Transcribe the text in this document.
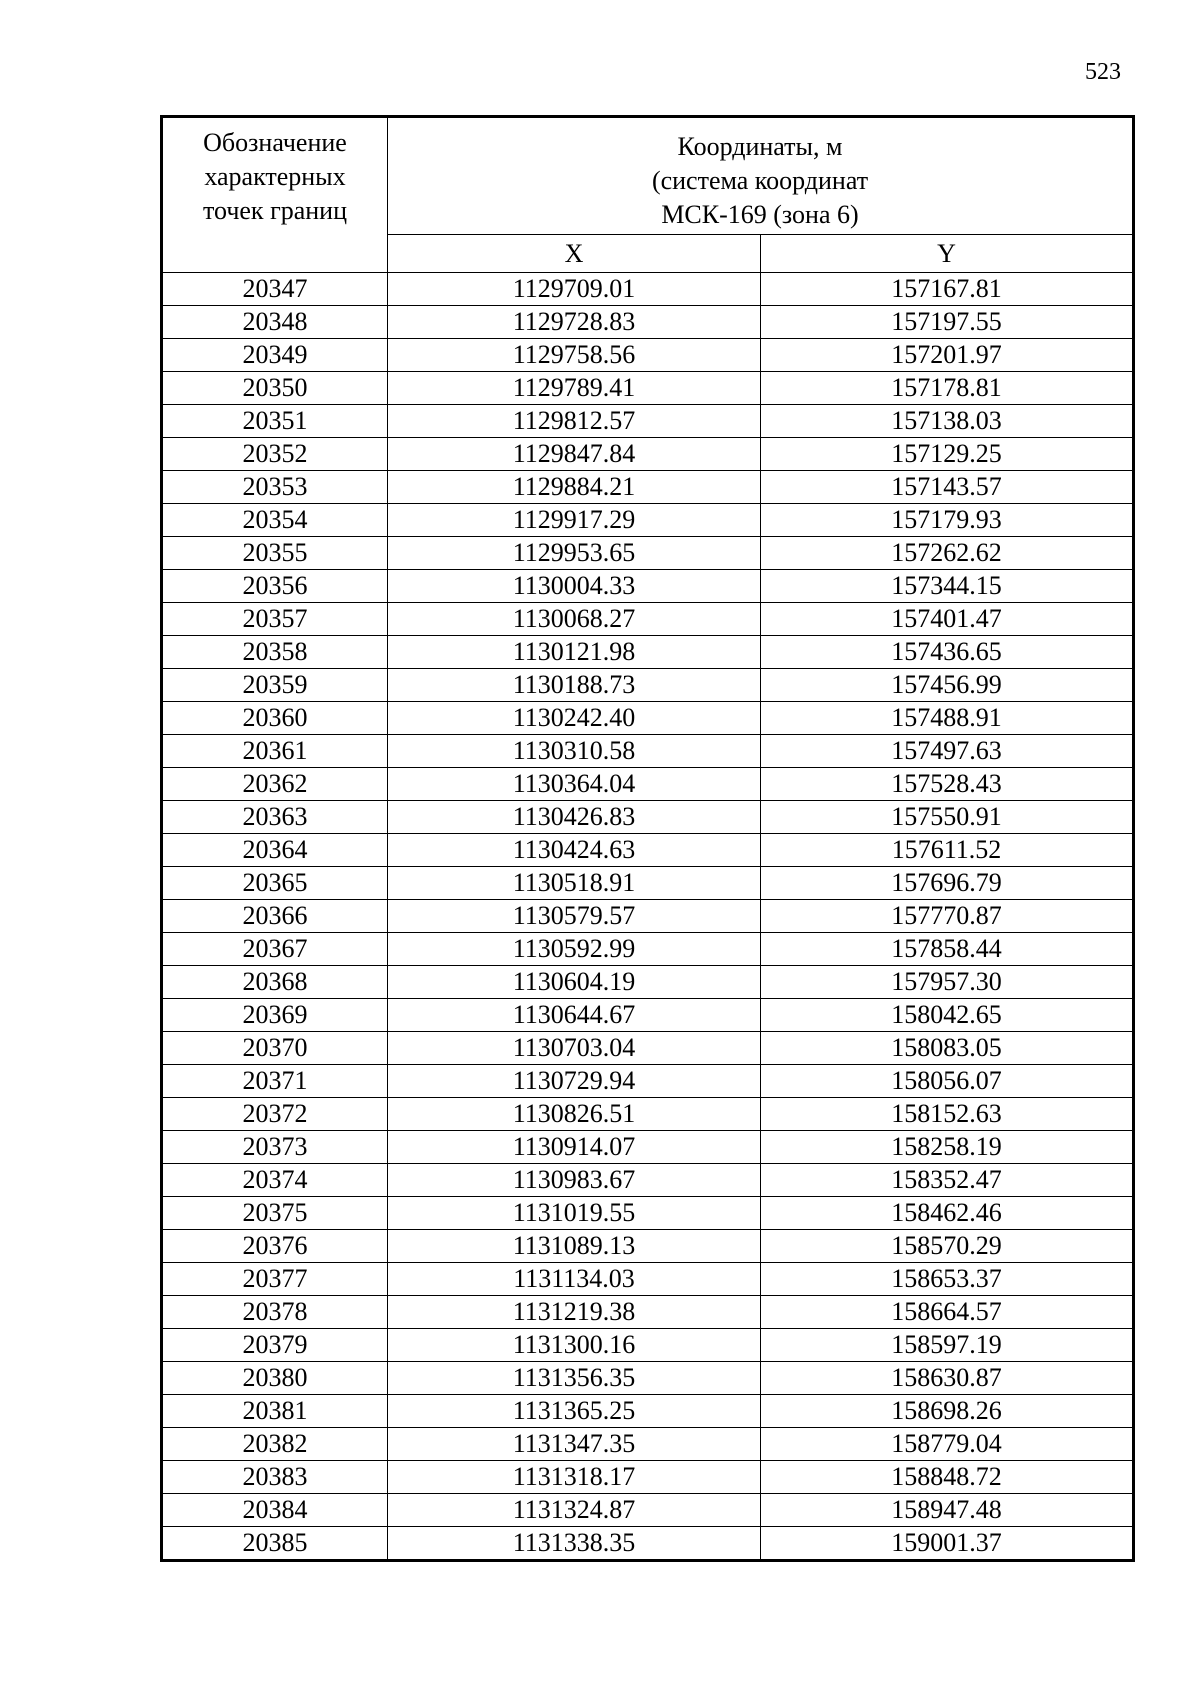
523
Обозначение
характерных
точек границ	Координаты, м
(система координат
МСК-169 (зона 6)	

	X	Y
20347	1129709.01	157167.81
20348	1129728.83	157197.55
20349	1129758.56	157201.97
20350	1129789.41	157178.81
20351	1129812.57	157138.03
20352	1129847.84	157129.25
20353	1129884.21	157143.57
20354	1129917.29	157179.93
20355	1129953.65	157262.62
20356	1130004.33	157344.15
20357	1130068.27	157401.47
20358	1130121.98	157436.65
20359	1130188.73	157456.99
20360	1130242.40	157488.91
20361	1130310.58	157497.63
20362	1130364.04	157528.43
20363	1130426.83	157550.91
20364	1130424.63	157611.52
20365	1130518.91	157696.79
20366	1130579.57	157770.87
20367	1130592.99	157858.44
20368	1130604.19	157957.30
20369	1130644.67	158042.65
20370	1130703.04	158083.05
20371	1130729.94	158056.07
20372	1130826.51	158152.63
20373	1130914.07	158258.19
20374	1130983.67	158352.47
20375	1131019.55	158462.46
20376	1131089.13	158570.29
20377	1131134.03	158653.37
20378	1131219.38	158664.57
20379	1131300.16	158597.19
20380	1131356.35	158630.87
20381	1131365.25	158698.26
20382	1131347.35	158779.04
20383	1131318.17	158848.72
20384	1131324.87	158947.48
20385	1131338.35	159001.37
